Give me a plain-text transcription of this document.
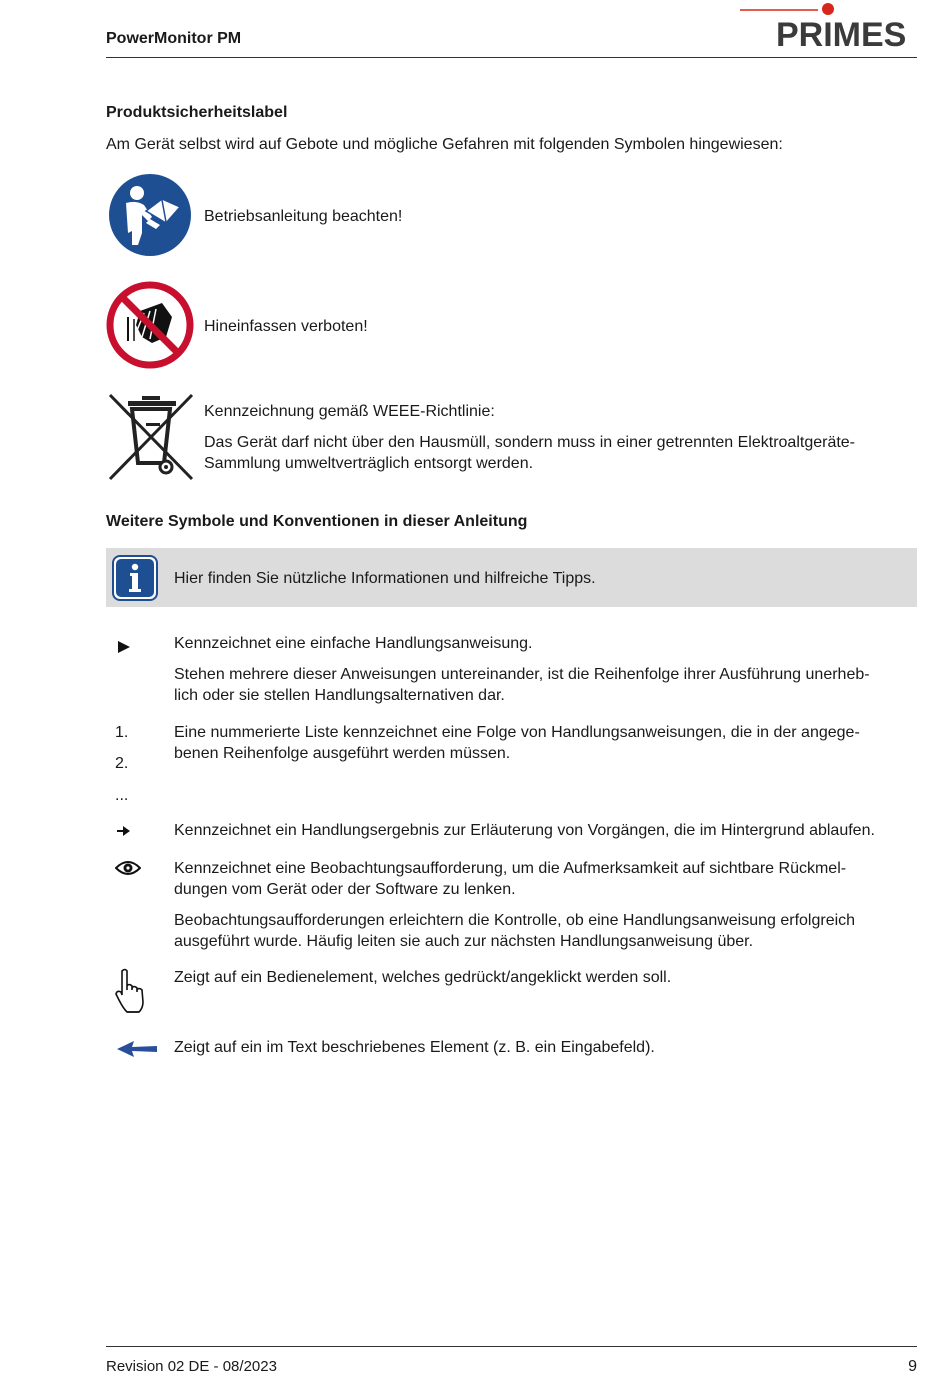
PowerMonitor PM	PRIMES
Produktsicherheitslabel
Am Gerät selbst wird auf Gebote und mögliche Gefahren mit folgenden Symbolen hingewiesen:
Betriebsanleitung beachten!
Hineinfassen verboten!
Kennzeichnung gemäß WEEE-Richtlinie:
Das Gerät darf nicht über den Hausmüll, sondern muss in einer getrennten Elektroaltgeräte-
Sammlung umweltverträglich entsorgt werden.
Weitere Symbole und Konventionen in dieser Anleitung
Hier finden Sie nützliche Informationen und hilfreiche Tipps.
Kennzeichnet eine einfache Handlungsanweisung.
Stehen mehrere dieser Anweisungen untereinander, ist die Reihenfolge ihrer Ausführung unerheb-
lich oder sie stellen Handlungsalternativen dar.
1.
2.
...
Eine nummerierte Liste kennzeichnet eine Folge von Handlungsanweisungen, die in der angege-
benen Reihenfolge ausgeführt werden müssen.
Kennzeichnet ein Handlungsergebnis zur Erläuterung von Vorgängen, die im Hintergrund ablaufen.
Kennzeichnet eine Beobachtungsaufforderung, um die Aufmerksamkeit auf sichtbare Rückmel-
dungen vom Gerät oder der Software zu lenken.
Beobachtungsaufforderungen erleichtern die Kontrolle, ob eine Handlungsanweisung erfolgreich
ausgeführt wurde. Häufig leiten sie auch zur nächsten Handlungsanweisung über.
Zeigt auf ein Bedienelement, welches gedrückt/angeklickt werden soll.
Zeigt auf ein im Text beschriebenes Element (z. B. ein Eingabefeld).
Revision 02 DE - 08/2023	9
